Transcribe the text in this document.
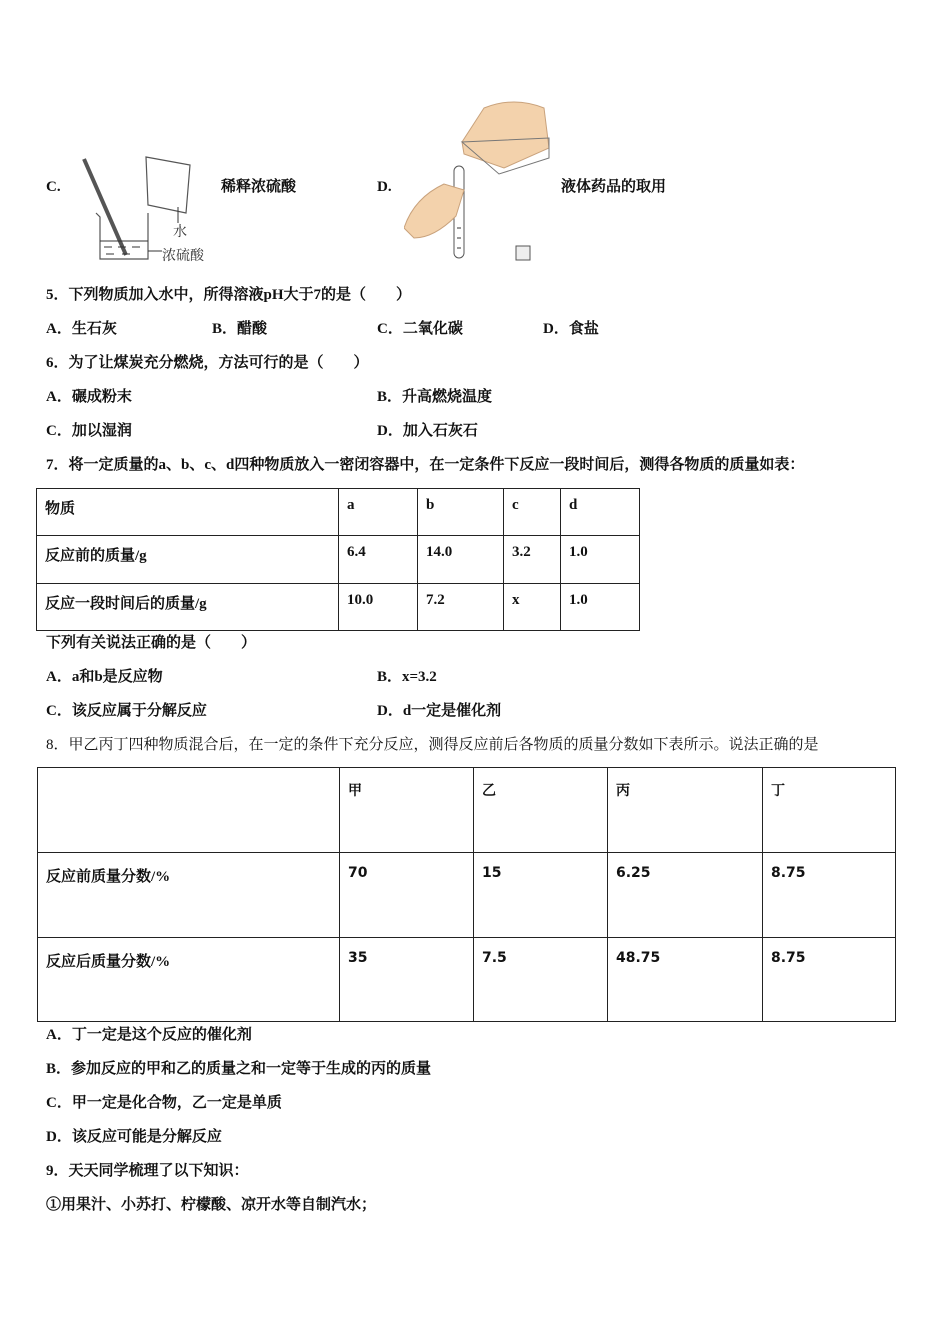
C.
水
浓硫酸
稀释浓硫酸	D.	液体药品的取用
5．下列物质加入水中，所得溶液pH大于7的是（　　）
A．生石灰	B．醋酸	C．二氧化碳	D．食盐
6．为了让煤炭充分燃烧，方法可行的是（　　）
A．碾成粉末	B．升高燃烧温度
C．加以湿润	D．加入石灰石
7．将一定质量的a、b、c、d四种物质放入一密闭容器中，在一定条件下反应一段时间后，测得各物质的质量如表：
物质	a	b	c	d
反应前的质量/g	6.4	14.0	3.2	1.0
反应一段时间后的质量/g	10.0	7.2	x	1.0
下列有关说法正确的是（　　）
A．a和b是反应物	B．x=3.2
C．该反应属于分解反应	D．d一定是催化剂
8．甲乙丙丁四种物质混合后，在一定的条件下充分反应，测得反应前后各物质的质量分数如下表所示。说法正确的是
	甲	乙	丙	丁
反应前质量分数/%	70	15	6.25	8.75
反应后质量分数/%	35	7.5	48.75	8.75
A．丁一定是这个反应的催化剂
B．参加反应的甲和乙的质量之和一定等于生成的丙的质量
C．甲一定是化合物，乙一定是单质
D．该反应可能是分解反应
9．天天同学梳理了以下知识：
①用果汁、小苏打、柠檬酸、凉开水等自制汽水；
